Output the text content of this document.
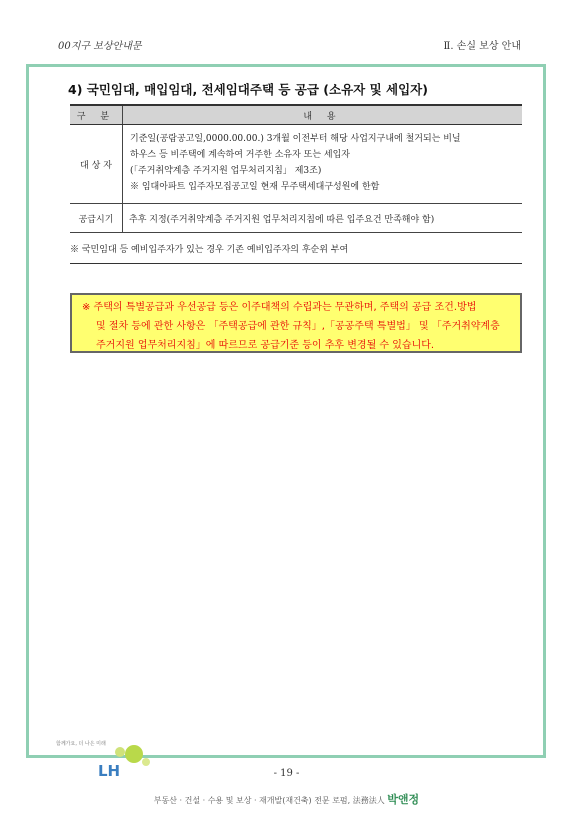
00지구 보상안내문	Ⅱ. 손실 보상 안내
4) 국민임대, 매입임대, 전세임대주택 등 공급 (소유자 및 세입자)
구 분	내 용
대 상 자	기준일(공람공고일,0000.00.00.) 3개월 이전부터 해당 사업지구내에 철거되는 비닐
하우스 등 비주택에 계속하여 거주한 소유자 또는 세입자
(「주거취약계층 주거지원 업무처리지침」 제3조)
※ 임대아파트 입주자모집공고일 현재 무주택세대구성원에 한함

공급시기	추후 지정(주거취약계층 주거지원 업무처리지침에 따른 입주요건 만족해야 함)
※ 국민임대 등 예비입주자가 있는 경우 기존 예비입주자의 후순위 부여	
※ 주택의 특별공급과 우선공급 등은 이주대책의 수립과는 무관하며, 주택의 공급 조건․방법
및 절차 등에 관한 사항은 「주택공급에 관한 규칙」,「공공주택 특별법」 및 「주거취약계층
주거지원 업무처리지침」에 따르므로 공급기준 등이 추후 변경될 수 있습니다.
함께가요, 더 나은 미래
LH	- 19 -
부동산 · 건설 · 수용 및 보상 · 재개발(재건축) 전문 로펌, 法務法人 박앤정
